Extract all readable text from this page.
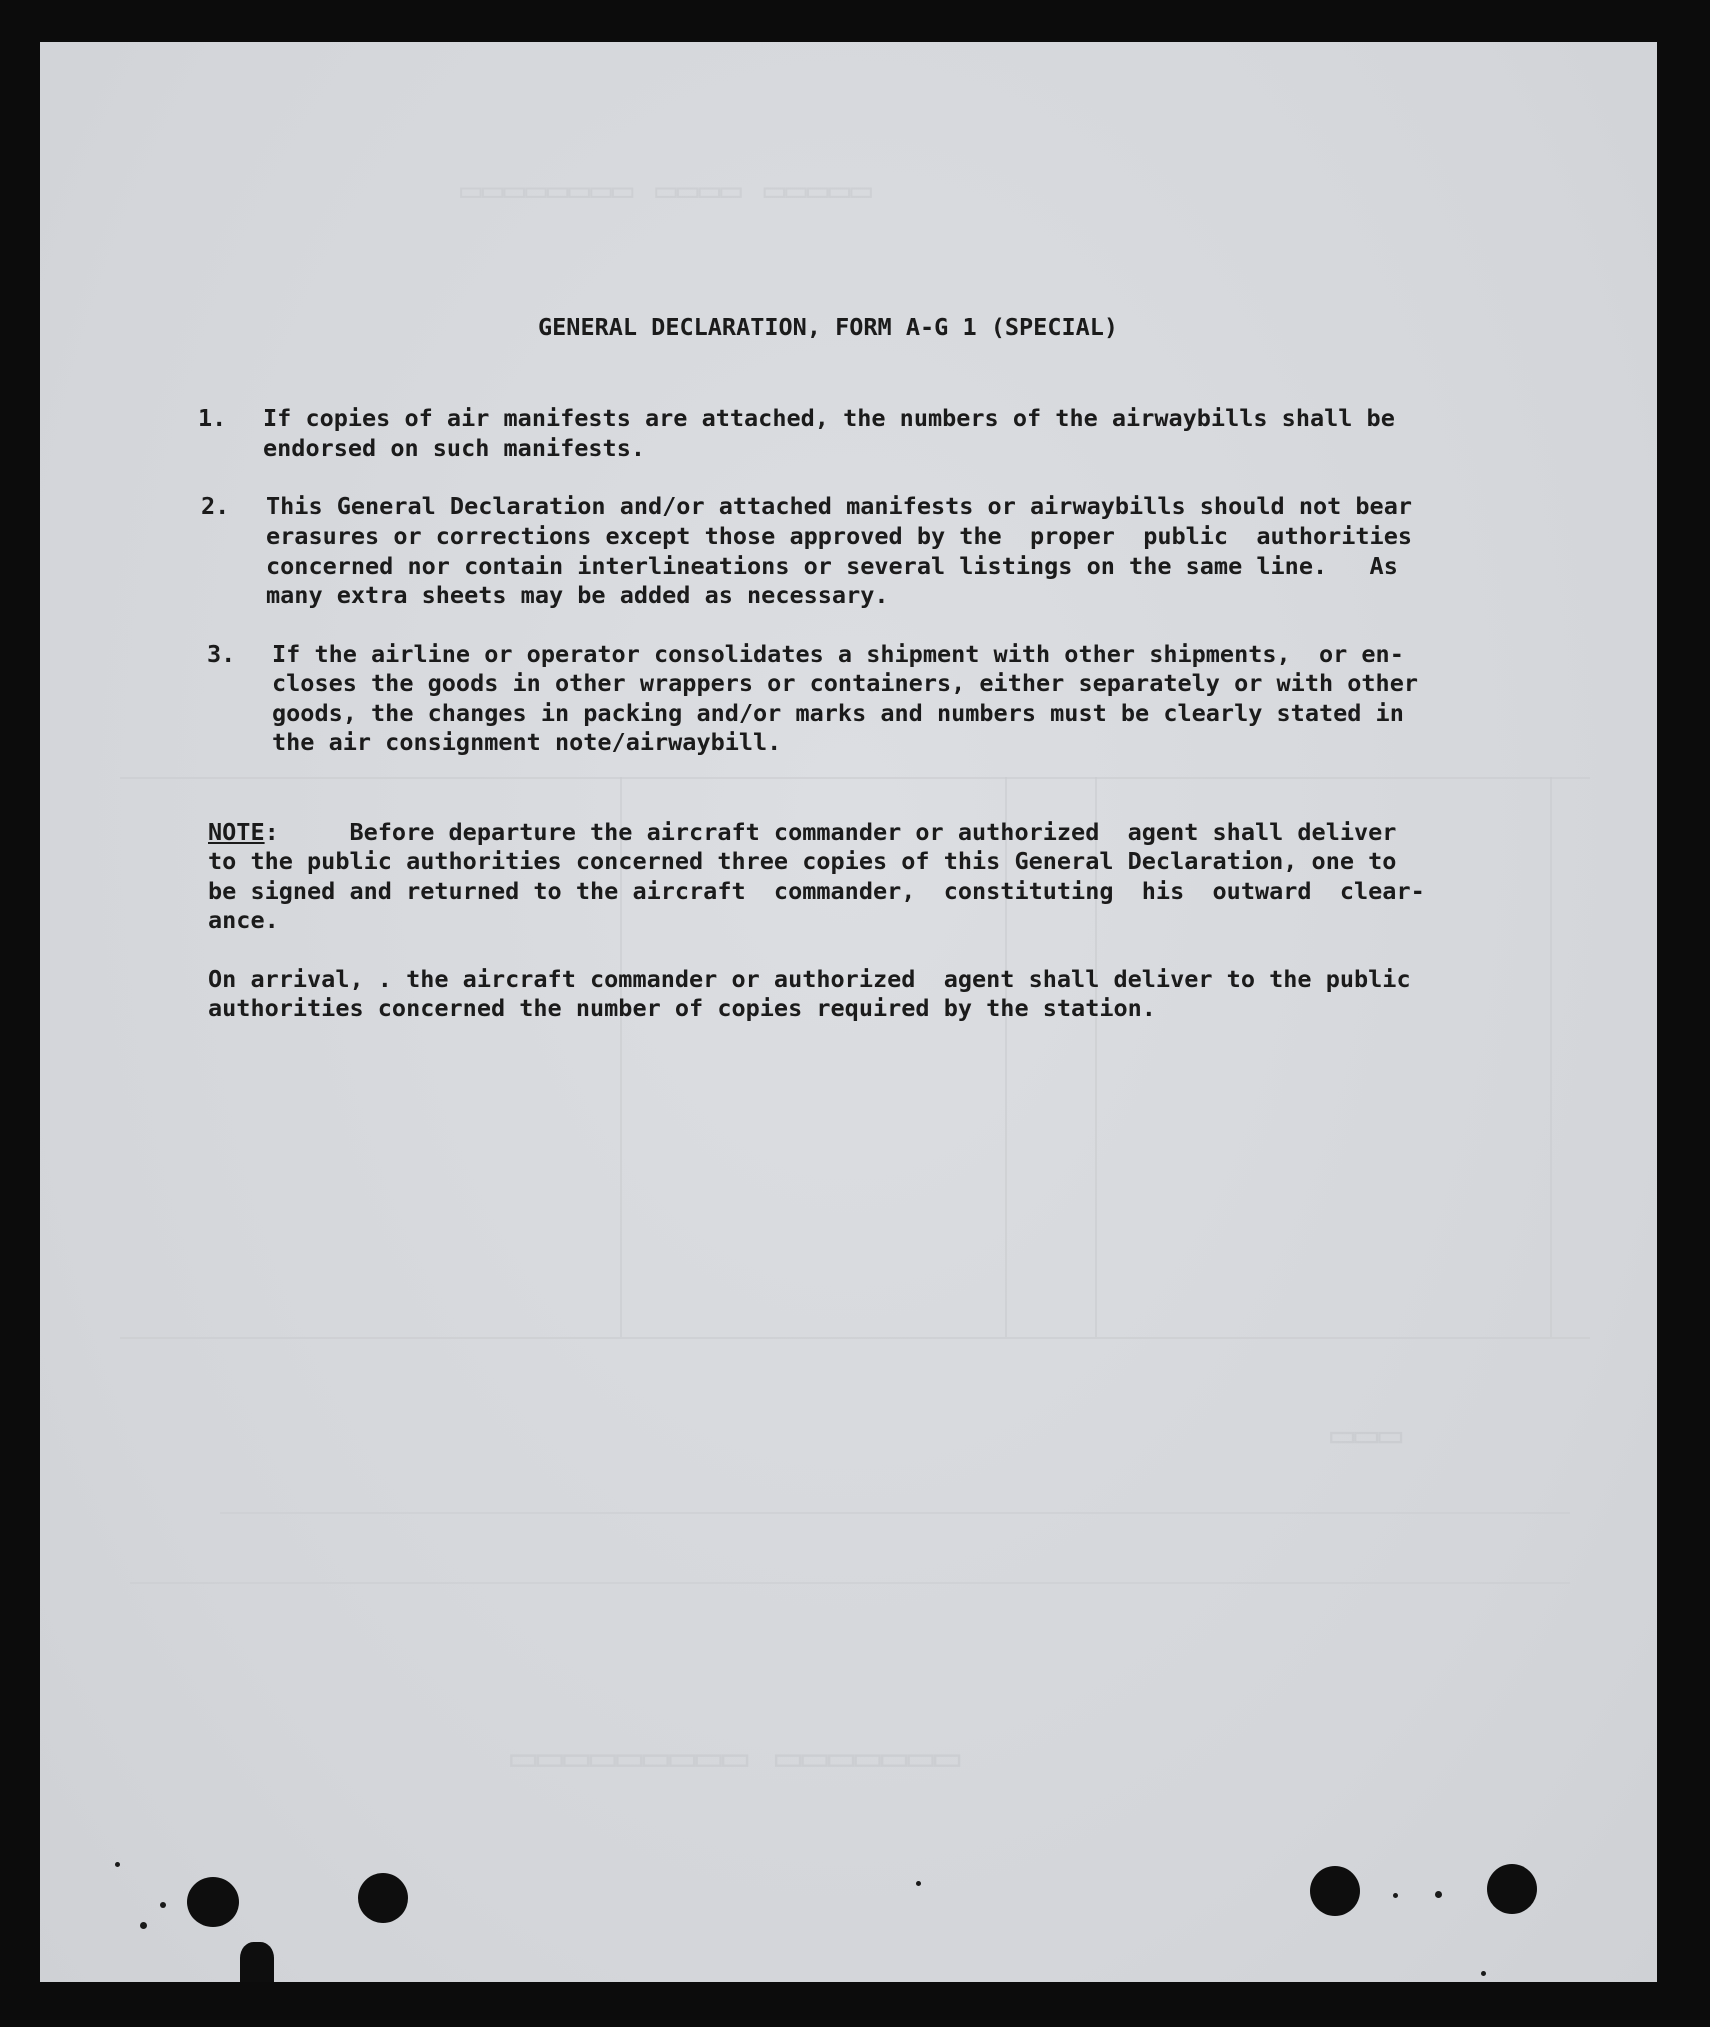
▭▭▭▭▭ ▭▭▭▭ ▭▭▭▭▭▭▭▭
▭▭▭▭▭▭▭ ▭▭▭▭▭▭▭▭▭
▭▭▭
GENERAL DECLARATION, FORM A-G 1 (SPECIAL)
1. If copies of air manifests are attached, the numbers of the airwaybills shall be
endorsed on such manifests.
2. This General Declaration and/or attached manifests or airwaybills should not bear
erasures or corrections except those approved by the  proper  public  authorities
concerned nor contain interlineations or several listings on the same line.   As
many extra sheets may be added as necessary.
3. If the airline or operator consolidates a shipment with other shipments,  or en-
closes the goods in other wrappers or containers, either separately or with other
goods, the changes in packing and/or marks and numbers must be clearly stated in
the air consignment note/airwaybill.
NOTE:     Before departure the aircraft commander or authorized  agent shall deliver
to the public authorities concerned three copies of this General Declaration, one to
be signed and returned to the aircraft  commander,  constituting  his  outward  clear-
ance.
On arrival, . the aircraft commander or authorized  agent shall deliver to the public
authorities concerned the number of copies required by the station.
